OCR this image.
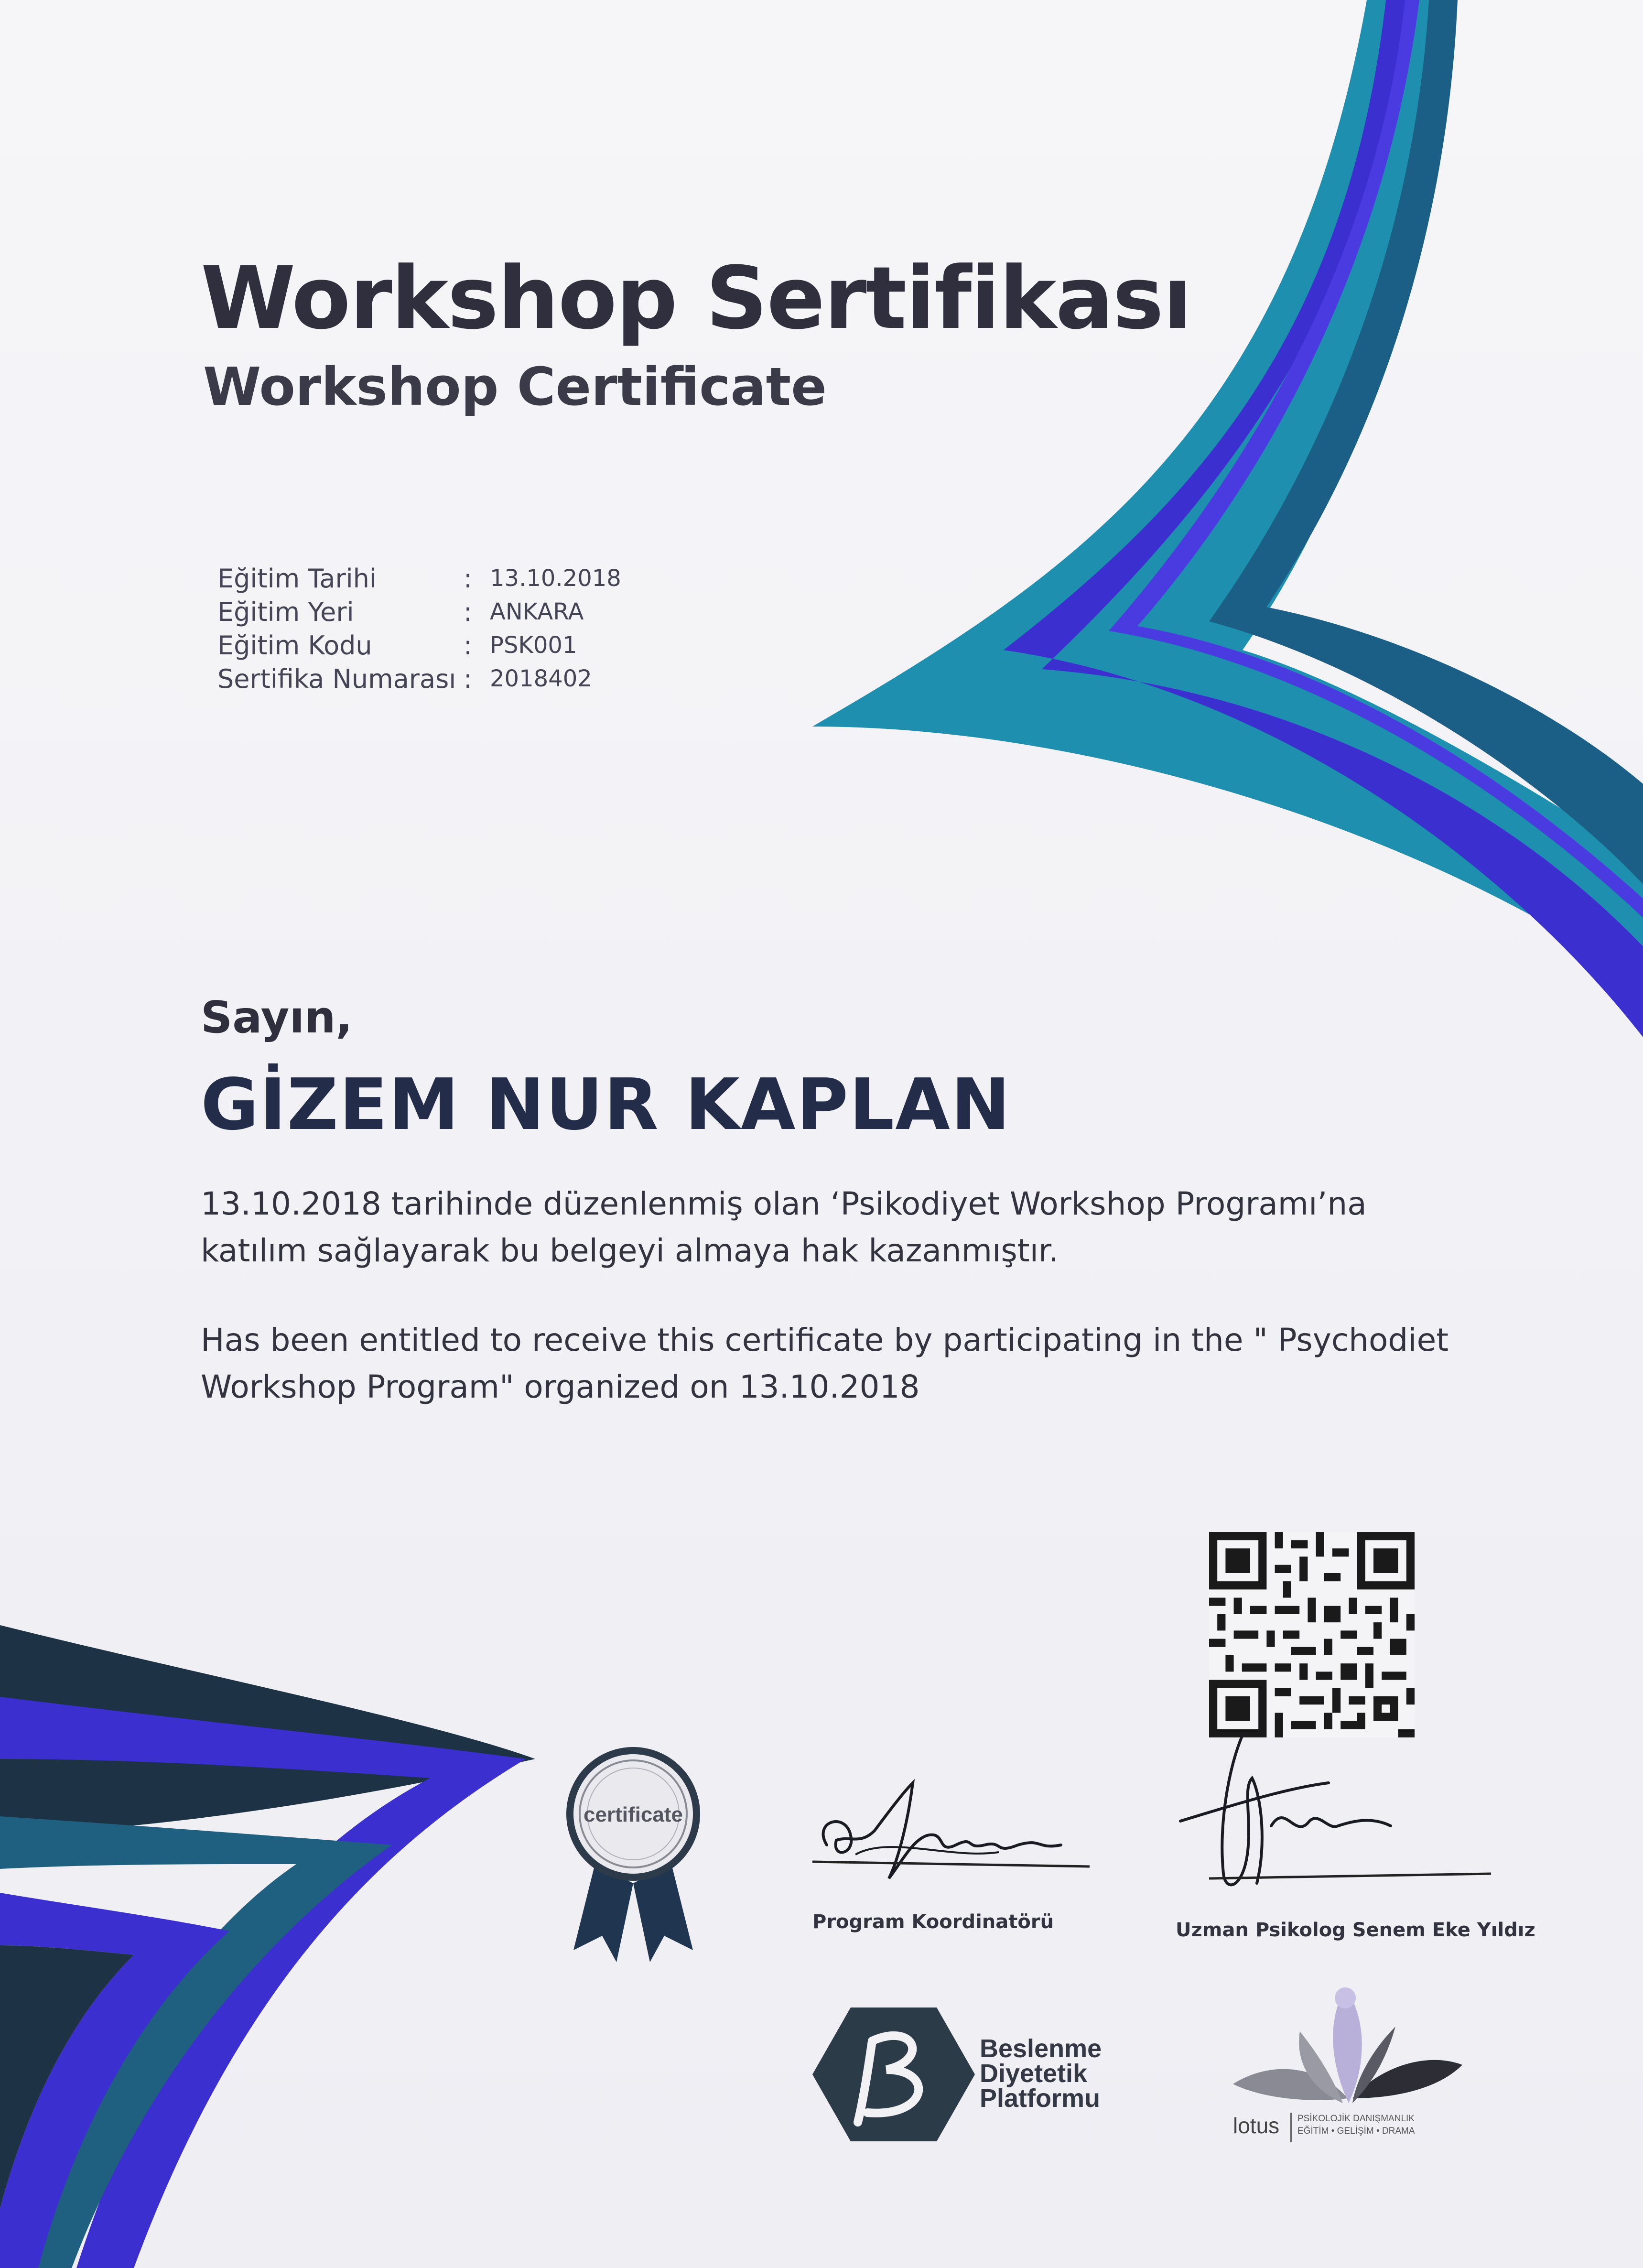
Workshop Sertifikası
Workshop Certificate
Eğitim Tarihi	: 13.10.2018
Eğitim Yeri	: ANKARA
Eğitim Kodu	: PSK001
Sertifika Numarası : 2018402

Sayın,

GİZEM NUR KAPLAN

13.10.2018 tarihinde düzenlenmiş olan ‘Psikodiyet Workshop Programı’na katılım sağlayarak bu belgeyi almaya hak kazanmıştır.

Has been entitled to receive this certificate by participating in the " Psychodiet Workshop Program" organized on 13.10.2018

certificate

Program Koordinatörü	Uzman Psikolog Senem Eke Yıldız

Beslenme
Diyetetik
Platformu
lotus PSİKOLOJİK DANIŞMANLIK
EĞİTİM • GELİŞİM • DRAMA
